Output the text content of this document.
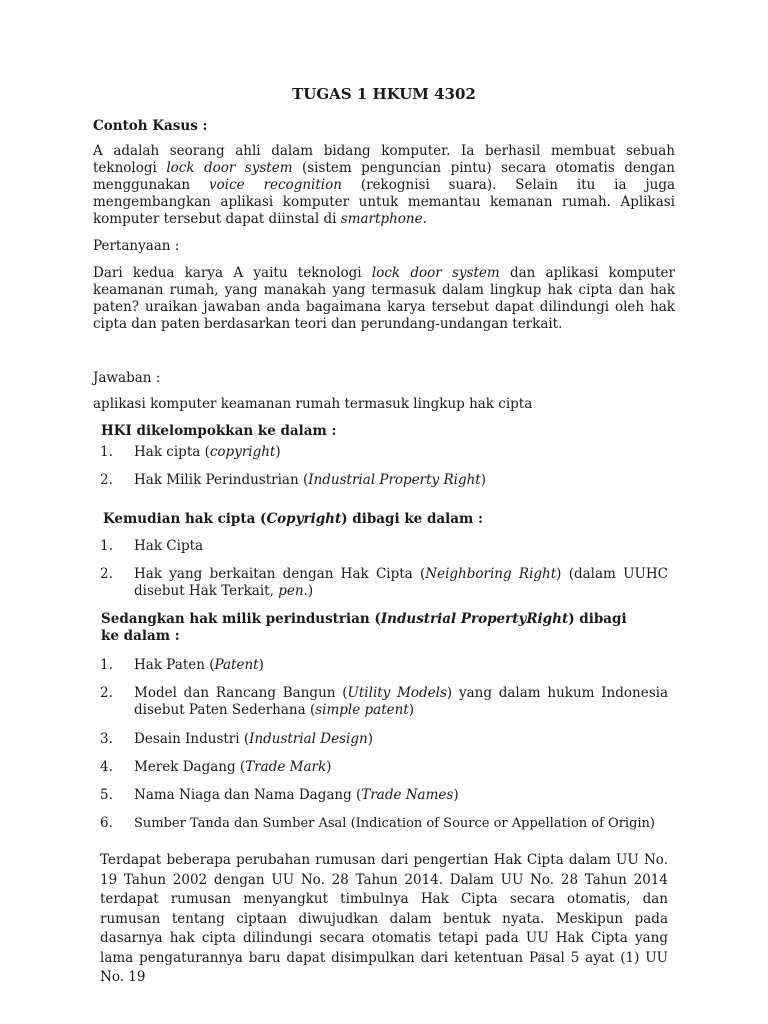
TUGAS 1 HKUM 4302
Contoh Kasus :
A adalah seorang ahli dalam bidang komputer. Ia berhasil membuat sebuah teknologi lock door system (sistem penguncian pintu) secara otomatis dengan menggunakan voice recognition (rekognisi suara). Selain itu ia juga mengembangkan aplikasi komputer untuk memantau kemanan rumah. Aplikasi komputer tersebut dapat diinstal di smartphone.
Pertanyaan :
Dari kedua karya A yaitu teknologi lock door system dan aplikasi komputer keamanan rumah, yang manakah yang termasuk dalam lingkup hak cipta dan hak paten? uraikan jawaban anda bagaimana karya tersebut dapat dilindungi oleh hak cipta dan paten berdasarkan teori dan perundang-undangan terkait.
Jawaban :
aplikasi komputer keamanan rumah termasuk lingkup hak cipta
HKI dikelompokkan ke dalam :
1. Hak cipta (copyright)
2. Hak Milik Perindustrian (Industrial Property Right)
Kemudian hak cipta (Copyright) dibagi ke dalam :
1. Hak Cipta
2. Hak yang berkaitan dengan Hak Cipta (Neighboring Right) (dalam UUHC disebut Hak Terkait, pen.)
Sedangkan hak milik perindustrian (Industrial PropertyRight) dibagi ke dalam :
1. Hak Paten (Patent)
2. Model dan Rancang Bangun (Utility Models) yang dalam hukum Indonesia disebut Paten Sederhana (simple patent)
3. Desain Industri (Industrial Design)
4. Merek Dagang (Trade Mark)
5. Nama Niaga dan Nama Dagang (Trade Names)
6. Sumber Tanda dan Sumber Asal (Indication of Source or Appellation of Origin)
Terdapat beberapa perubahan rumusan dari pengertian Hak Cipta dalam UU No. 19 Tahun 2002 dengan UU No. 28 Tahun 2014. Dalam UU No. 28 Tahun 2014 terdapat rumusan menyangkut timbulnya Hak Cipta secara otomatis, dan rumusan tentang ciptaan diwujudkan dalam bentuk nyata. Meskipun pada dasarnya hak cipta dilindungi secara otomatis tetapi pada UU Hak Cipta yang lama pengaturannya baru dapat disimpulkan dari ketentuan Pasal 5 ayat (1) UU No. 19
